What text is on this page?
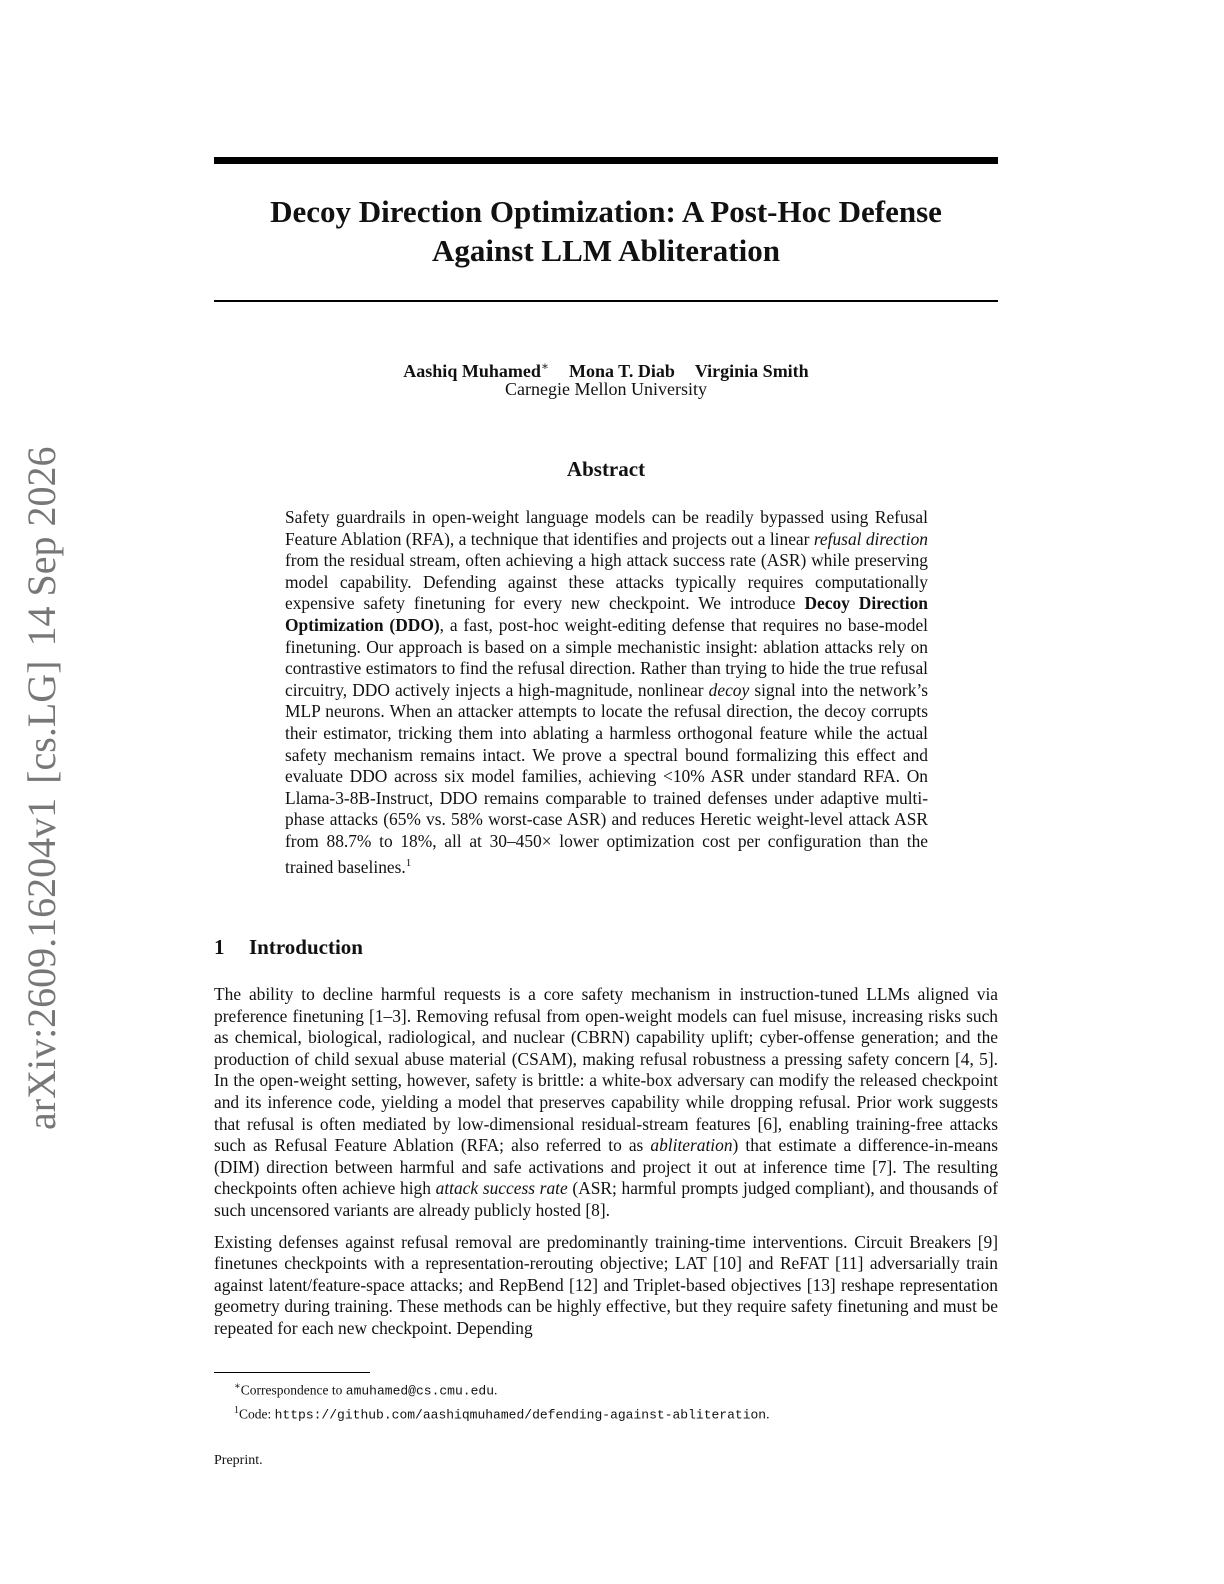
arXiv:2609.16204v1[cs.LG]14 Sep 2026
Decoy Direction Optimization: A Post-Hoc Defense
Against LLM Abliteration
Aashiq Muhamed∗ Mona T. Diab Virginia Smith
Carnegie Mellon University
Abstract

Safety guardrails in open-weight language models can be readily bypassed using Refusal Feature Ablation (RFA), a technique that identifies and projects out a linear refusal direction from the residual stream, often achieving a high attack success rate (ASR) while preserving model capability. Defending against these attacks typically requires computationally expensive safety finetuning for every new checkpoint. We introduce Decoy Direction Optimization (DDO), a fast, post-hoc weight-editing defense that requires no base-model finetuning. Our approach is based on a simple mechanistic insight: ablation attacks rely on contrastive estimators to find the refusal direction. Rather than trying to hide the true refusal circuitry, DDO actively injects a high-magnitude, nonlinear decoy signal into the network’s MLP neurons. When an attacker attempts to locate the refusal direction, the decoy corrupts their estimator, tricking them into ablating a harmless orthogonal feature while the actual safety mechanism remains intact. We prove a spectral bound formalizing this effect and evaluate DDO across six model families, achieving <10% ASR under standard RFA. On Llama-3-8B-Instruct, DDO remains comparable to trained defenses under adaptive multi-phase attacks (65% vs. 58% worst-case ASR) and reduces Heretic weight-level attack ASR from 88.7% to 18%, all at 30–450× lower optimization cost per configuration than the trained baselines.$^1$

1 Introduction

The ability to decline harmful requests is a core safety mechanism in instruction-tuned LLMs aligned via preference finetuning [1–3]. Removing refusal from open-weight models can fuel misuse, increasing risks such as chemical, biological, radiological, and nuclear (CBRN) capability uplift; cyber-offense generation; and the production of child sexual abuse material (CSAM), making refusal robustness a pressing safety concern [4, 5]. In the open-weight setting, however, safety is brittle: a white-box adversary can modify the released checkpoint and its inference code, yielding a model that preserves capability while dropping refusal. Prior work suggests that refusal is often mediated by low-dimensional residual-stream features [6], enabling training-free attacks such as Refusal Feature Ablation (RFA; also referred to as abliteration) that estimate a difference-in-means (DIM) direction between harmful and safe activations and project it out at inference time [7]. The resulting checkpoints often achieve high attack success rate (ASR; harmful prompts judged compliant), and thousands of such uncensored variants are already publicly hosted [8].

Existing defenses against refusal removal are predominantly training-time interventions. Circuit Breakers [9] finetunes checkpoints with a representation-rerouting objective; LAT [10] and ReFAT [11] adversarially train against latent/feature-space attacks; and RepBend [12] and Triplet-based objectives [13] reshape representation geometry during training. These methods can be highly effective, but they require safety finetuning and must be repeated for each new checkpoint. Depending

∗Correspondence to amuhamed@cs.cmu.edu.
$^1$Code: https://github.com/aashiqmuhamed/defending-against-abliteration.
Preprint.
